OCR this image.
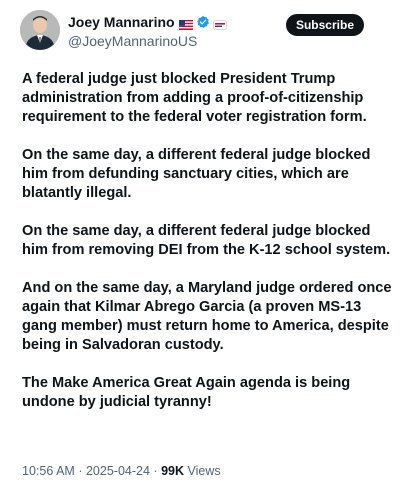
Joey Mannarino
@JoeyMannarinoUS
Subscribe

A federal judge just blocked President Trump administration from adding a proof-of-citizenship requirement to the federal voter registration form.

On the same day, a different federal judge blocked him from defunding sanctuary cities, which are blatantly illegal.

On the same day, a different federal judge blocked him from removing DEI from the K-12 school system.

And on the same day, a Maryland judge ordered once again that Kilmar Abrego Garcia (a proven MS-13 gang member) must return home to America, despite being in Salvadoran custody.

The Make America Great Again agenda is being undone by judicial tyranny!

10:56 AM · 2025-04-24 · 99K Views
